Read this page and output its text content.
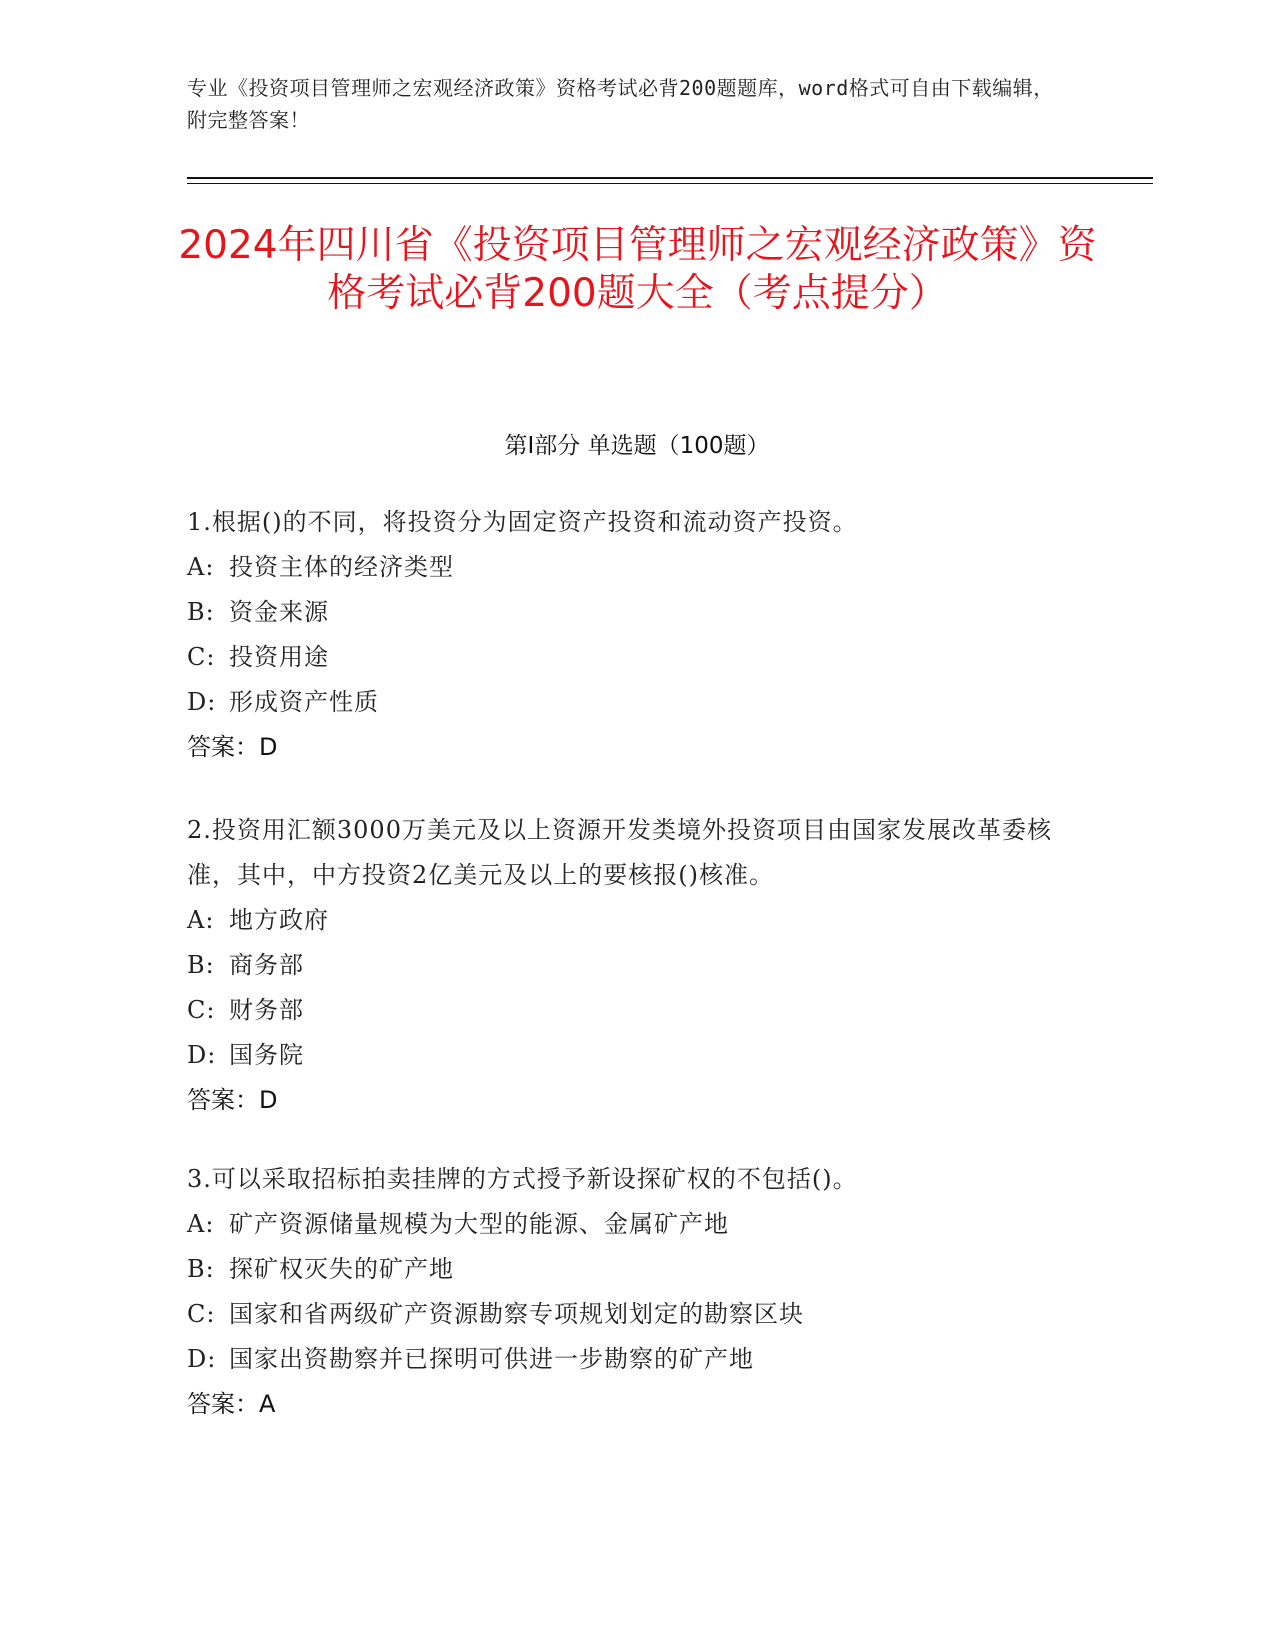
专业《投资项目管理师之宏观经济政策》资格考试必背200题题库，word格式可自由下载编辑，附完整答案！
2024年四川省《投资项目管理师之宏观经济政策》资格考试必背200题大全（考点提分）
第I部分 单选题（100题）

1.根据()的不同，将投资分为固定资产投资和流动资产投资。

A: 投资主体的经济类型

B: 资金来源

C: 投资用途

D: 形成资产性质

答案：D

2.投资用汇额3000万美元及以上资源开发类境外投资项目由国家发展改革委核准，其中，中方投资2亿美元及以上的要核报()核准。

A: 地方政府

B: 商务部

C: 财务部

D: 国务院

答案：D

3.可以采取招标拍卖挂牌的方式授予新设探矿权的不包括()。

A: 矿产资源储量规模为大型的能源、金属矿产地

B: 探矿权灭失的矿产地

C: 国家和省两级矿产资源勘察专项规划划定的勘察区块

D: 国家出资勘察并已探明可供进一步勘察的矿产地

答案：A
